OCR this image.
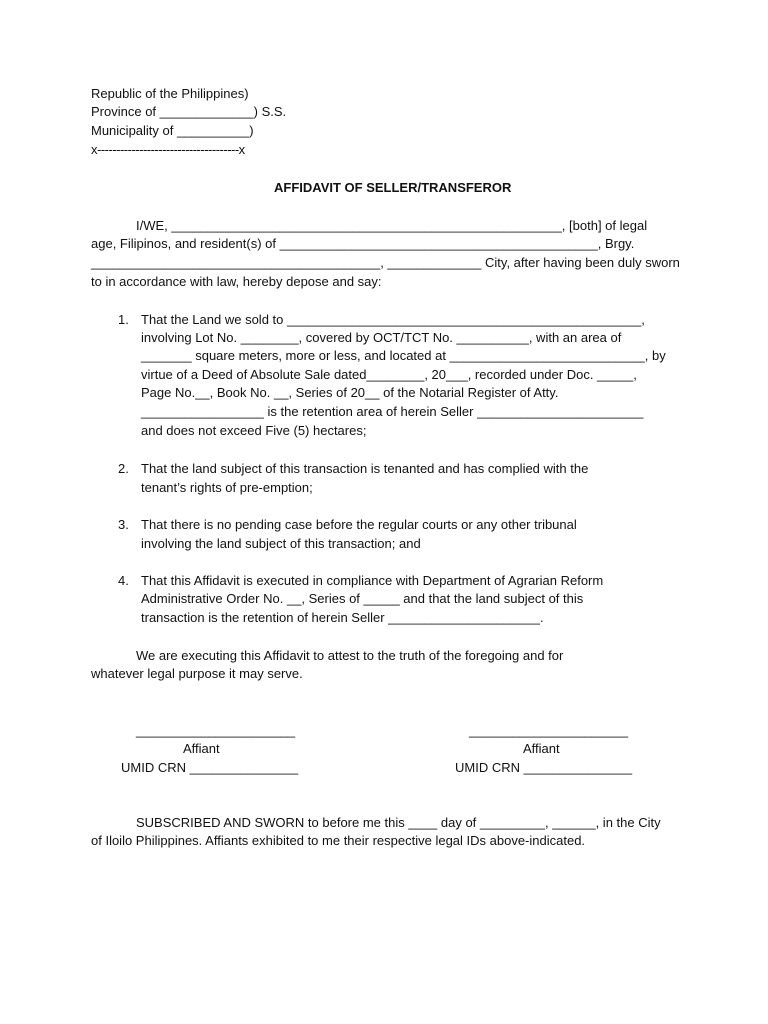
Republic of the Philippines)
Province of _____________) S.S.
Municipality of __________)
x-------------------------------------x
AFFIDAVIT OF SELLER/TRANSFEROR
I/WE, ______________________________________________________, [both] of legal
age, Filipinos, and resident(s) of ____________________________________________, Brgy.
________________________________________, _____________ City, after having been duly sworn
to in accordance with law, hereby depose and say:
1. That the Land we sold to _________________________________________________,
involving Lot No. ________, covered by OCT/TCT No. __________, with an area of
_______ square meters, more or less, and located at ___________________________, by
virtue of a Deed of Absolute Sale dated________, 20___, recorded under Doc. _____,
Page No.__, Book No. __, Series of 20__ of the Notarial Register of Atty.
_________________ is the retention area of herein Seller _______________________
and does not exceed Five (5) hectares;
2. That the land subject of this transaction is tenanted and has complied with the
tenant’s rights of pre-emption;
3. That there is no pending case before the regular courts or any other tribunal
involving the land subject of this transaction; and
4. That this Affidavit is executed in compliance with Department of Agrarian Reform
Administrative Order No. __, Series of _____ and that the land subject of this
transaction is the retention of herein Seller _____________________.
We are executing this Affidavit to attest to the truth of the foregoing and for
whatever legal purpose it may serve.
______________________
Affiant
UMID CRN _______________
______________________
Affiant
UMID CRN _______________
SUBSCRIBED AND SWORN to before me this ____ day of _________, ______, in the City
of Iloilo Philippines. Affiants exhibited to me their respective legal IDs above-indicated.
